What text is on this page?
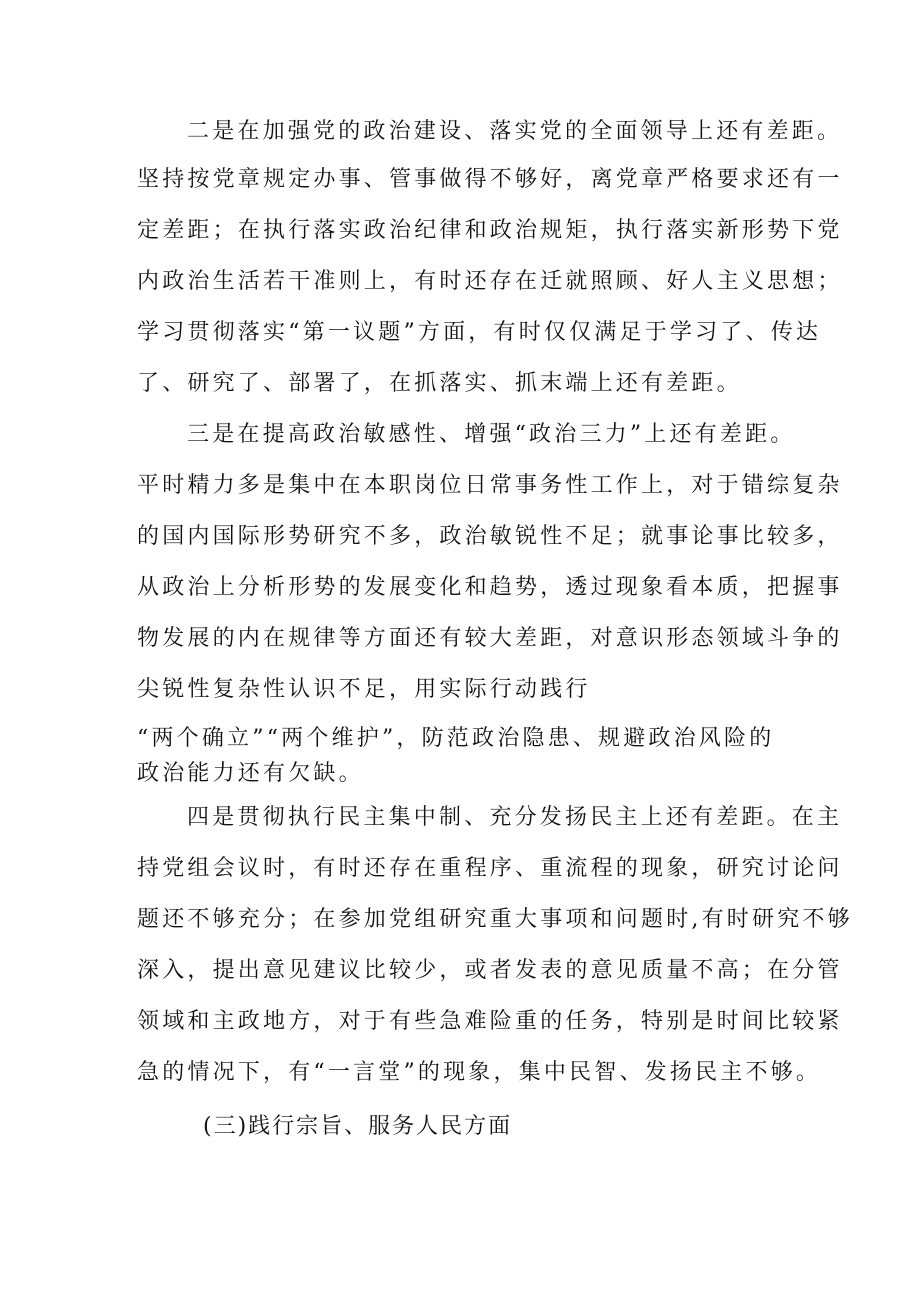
二是在加强党的政治建设、落实党的全面领导上还有差距。
坚持按党章规定办事、管事做得不够好，离党章严格要求还有一
定差距；在执行落实政治纪律和政治规矩，执行落实新形势下党
内政治生活若干准则上，有时还存在迁就照顾、好人主义思想；
学习贯彻落实“第一议题”方面，有时仅仅满足于学习了、传达
了、研究了、部署了，在抓落实、抓末端上还有差距。
三是在提高政治敏感性、增强“政治三力”上还有差距。
平时精力多是集中在本职岗位日常事务性工作上，对于错综复杂
的国内国际形势研究不多，政治敏锐性不足；就事论事比较多，
从政治上分析形势的发展变化和趋势，透过现象看本质，把握事
物发展的内在规律等方面还有较大差距，对意识形态领域斗争的
尖锐性复杂性认识不足，用实际行动践行
“两个确立”“两个维护”，防范政治隐患、规避政治风险的
政治能力还有欠缺。
四是贯彻执行民主集中制、充分发扬民主上还有差距。在主
持党组会议时，有时还存在重程序、重流程的现象，研究讨论问
题还不够充分；在参加党组研究重大事项和问题时,有时研究不够
深入，提出意见建议比较少，或者发表的意见质量不高；在分管
领域和主政地方，对于有些急难险重的任务，特别是时间比较紧
急的情况下，有“一言堂”的现象，集中民智、发扬民主不够。
(三)践行宗旨、服务人民方面
